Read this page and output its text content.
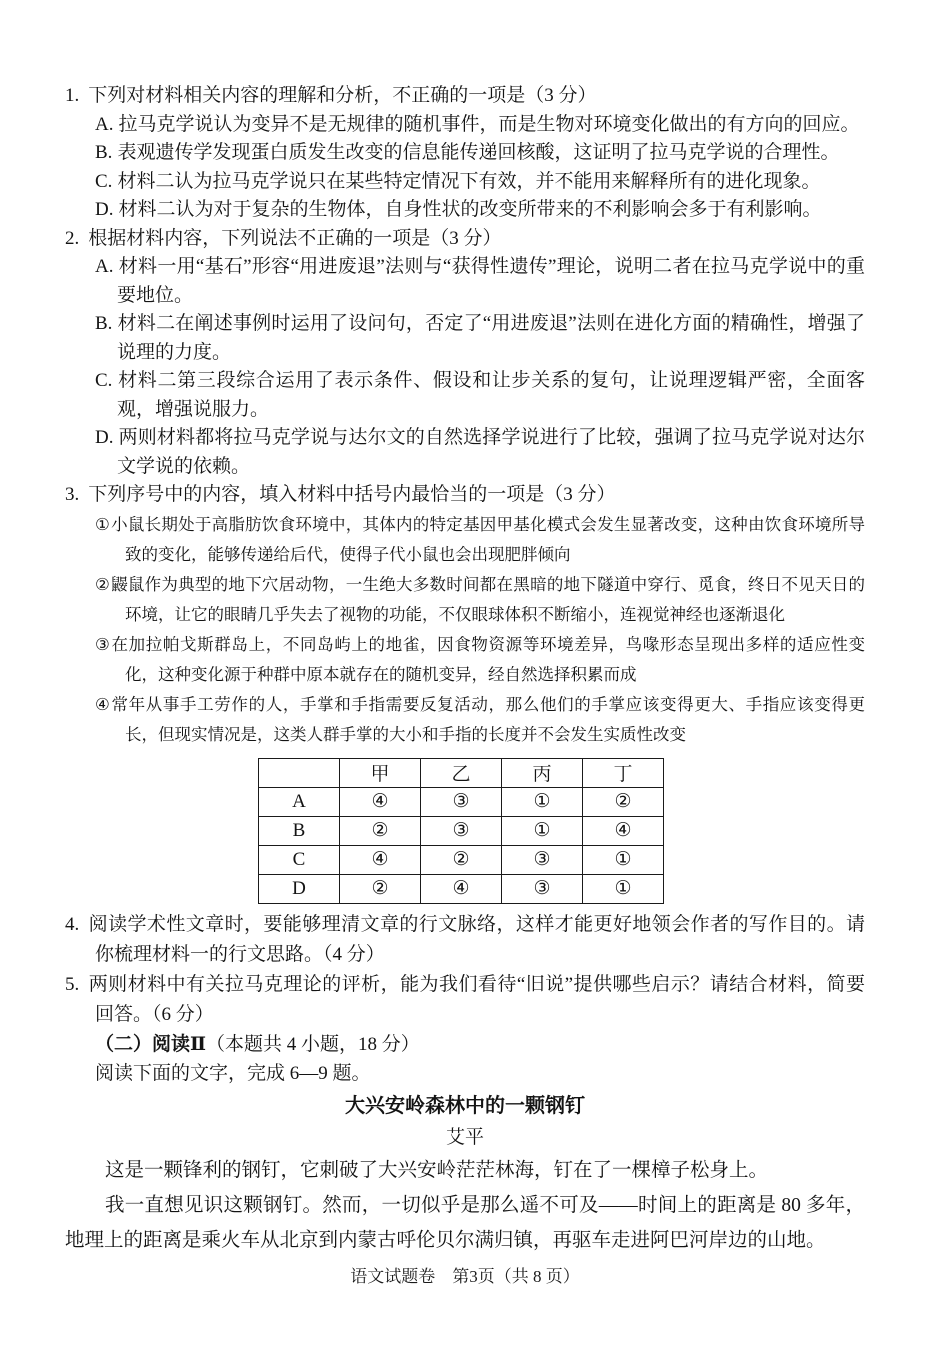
1. 下列对材料相关内容的理解和分析，不正确的一项是（3 分）
A. 拉马克学说认为变异不是无规律的随机事件，而是生物对环境变化做出的有方向的回应。
B. 表观遗传学发现蛋白质发生改变的信息能传递回核酸，这证明了拉马克学说的合理性。
C. 材料二认为拉马克学说只在某些特定情况下有效，并不能用来解释所有的进化现象。
D. 材料二认为对于复杂的生物体，自身性状的改变所带来的不利影响会多于有利影响。
2. 根据材料内容，下列说法不正确的一项是（3 分）
A. 材料一用“基石”形容“用进废退”法则与“获得性遗传”理论，说明二者在拉马克学说中的重要地位。
B. 材料二在阐述事例时运用了设问句，否定了“用进废退”法则在进化方面的精确性，增强了说理的力度。
C. 材料二第三段综合运用了表示条件、假设和让步关系的复句，让说理逻辑严密，全面客观，增强说服力。
D. 两则材料都将拉马克学说与达尔文的自然选择学说进行了比较，强调了拉马克学说对达尔文学说的依赖。
3. 下列序号中的内容，填入材料中括号内最恰当的一项是（3 分）
①小鼠长期处于高脂肪饮食环境中，其体内的特定基因甲基化模式会发生显著改变，这种由饮食环境所导致的变化，能够传递给后代，使得子代小鼠也会出现肥胖倾向
②鼹鼠作为典型的地下穴居动物，一生绝大多数时间都在黑暗的地下隧道中穿行、觅食，终日不见天日的环境，让它的眼睛几乎失去了视物的功能，不仅眼球体积不断缩小，连视觉神经也逐渐退化
③在加拉帕戈斯群岛上，不同岛屿上的地雀，因食物资源等环境差异，鸟喙形态呈现出多样的适应性变化，这种变化源于种群中原本就存在的随机变异，经自然选择积累而成
④常年从事手工劳作的人，手掌和手指需要反复活动，那么他们的手掌应该变得更大、手指应该变得更长，但现实情况是，这类人群手掌的大小和手指的长度并不会发生实质性改变
	甲	乙	丙	丁
A	④	③	①	②
B	②	③	①	④
C	④	②	③	①
D	②	④	③	①
4. 阅读学术性文章时，要能够理清文章的行文脉络，这样才能更好地领会作者的写作目的。请你梳理材料一的行文思路。（4 分）
5. 两则材料中有关拉马克理论的评析，能为我们看待“旧说”提供哪些启示？请结合材料，简要回答。（6 分）
（二）阅读Ⅱ（本题共 4 小题，18 分）
阅读下面的文字，完成 6—9 题。
大兴安岭森林中的一颗钢钉
艾平
这是一颗锋利的钢钉，它刺破了大兴安岭茫茫林海，钉在了一棵樟子松身上。
我一直想见识这颗钢钉。然而，一切似乎是那么遥不可及——时间上的距离是 80 多年，地理上的距离是乘火车从北京到内蒙古呼伦贝尔满归镇，再驱车走进阿巴河岸边的山地。
语文试题卷　第3页（共 8 页）
